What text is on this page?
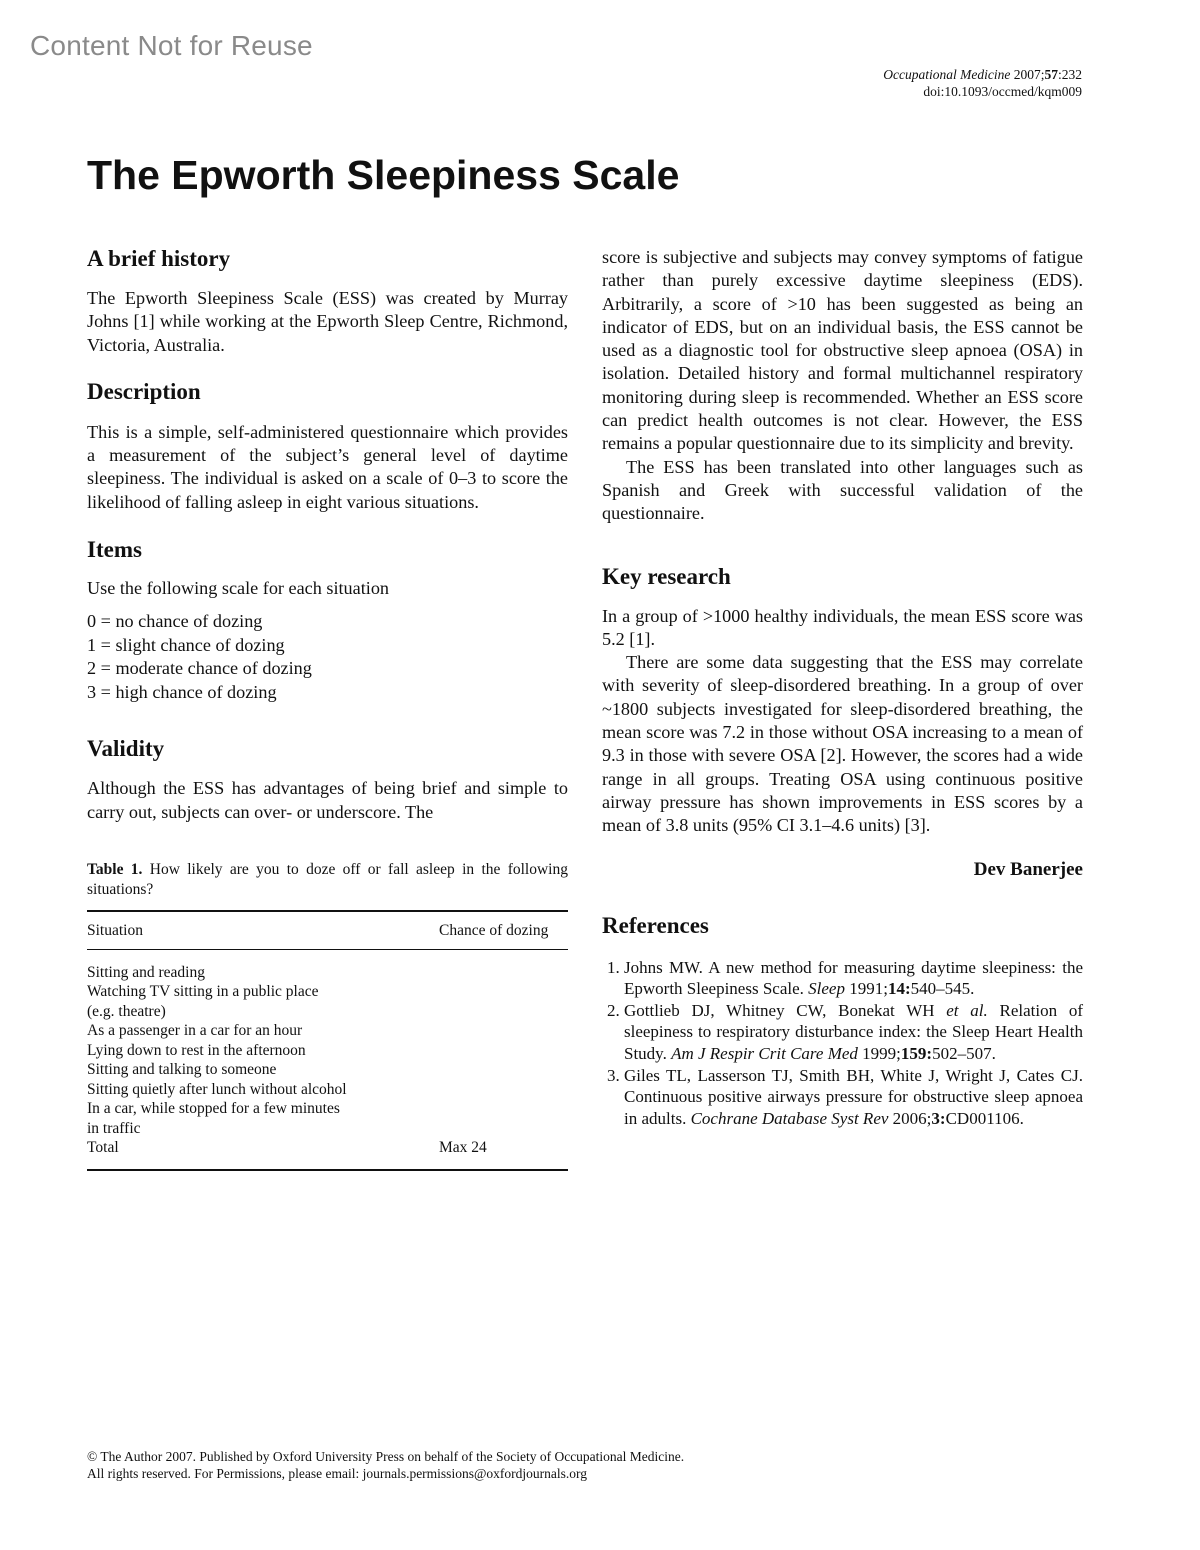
Content Not for Reuse
Occupational Medicine 2007;57:232
doi:10.1093/occmed/kqm009
The Epworth Sleepiness Scale
A brief history

The Epworth Sleepiness Scale (ESS) was created by Murray Johns [1] while working at the Epworth Sleep Centre, Richmond, Victoria, Australia.

Description

This is a simple, self-administered questionnaire which provides a measurement of the subject’s general level of daytime sleepiness. The individual is asked on a scale of 0–3 to score the likelihood of falling asleep in eight various situations.

Items

Use the following scale for each situation

0 = no chance of dozing
1 = slight chance of dozing
2 = moderate chance of dozing
3 = high chance of dozing
Validity

Although the ESS has advantages of being brief and simple to carry out, subjects can over- or underscore. The

Table 1. How likely are you to doze off or fall asleep in the following situations?

Situation	Chance of dozing
Sitting and reading	
Watching TV sitting in a public place	
(e.g. theatre)	
As a passenger in a car for an hour	
Lying down to rest in the afternoon	
Sitting and talking to someone	
Sitting quietly after lunch without alcohol	
In a car, while stopped for a few minutes	
in traffic	
Total	Max 24

score is subjective and subjects may convey symptoms of fatigue rather than purely excessive daytime sleepiness (EDS). Arbitrarily, a score of >10 has been suggested as being an indicator of EDS, but on an individual basis, the ESS cannot be used as a diagnostic tool for obstructive sleep apnoea (OSA) in isolation. Detailed history and formal multichannel respiratory monitoring during sleep is recommended. Whether an ESS score can predict health outcomes is not clear. However, the ESS remains a popular questionnaire due to its simplicity and brevity.

The ESS has been translated into other languages such as Spanish and Greek with successful validation of the questionnaire.

Key research

In a group of >1000 healthy individuals, the mean ESS score was 5.2 [1].

There are some data suggesting that the ESS may correlate with severity of sleep-disordered breathing. In a group of over ~1800 subjects investigated for sleep-disordered breathing, the mean score was 7.2 in those without OSA increasing to a mean of 9.3 in those with severe OSA [2]. However, the scores had a wide range in all groups. Treating OSA using continuous positive airway pressure has shown improvements in ESS scores by a mean of 3.8 units (95% CI 3.1–4.6 units) [3].

Dev Banerjee

References
1. Johns MW. A new method for measuring daytime sleepiness: the Epworth Sleepiness Scale. Sleep 1991;14:540–545.
2. Gottlieb DJ, Whitney CW, Bonekat WH et al. Relation of sleepiness to respiratory disturbance index: the Sleep Heart Health Study. Am J Respir Crit Care Med 1999;159:502–507.
3. Giles TL, Lasserson TJ, Smith BH, White J, Wright J, Cates CJ. Continuous positive airways pressure for obstructive sleep apnoea in adults. Cochrane Database Syst Rev 2006;3:CD001106.
© The Author 2007. Published by Oxford University Press on behalf of the Society of Occupational Medicine.
All rights reserved. For Permissions, please email: journals.permissions@oxfordjournals.org
